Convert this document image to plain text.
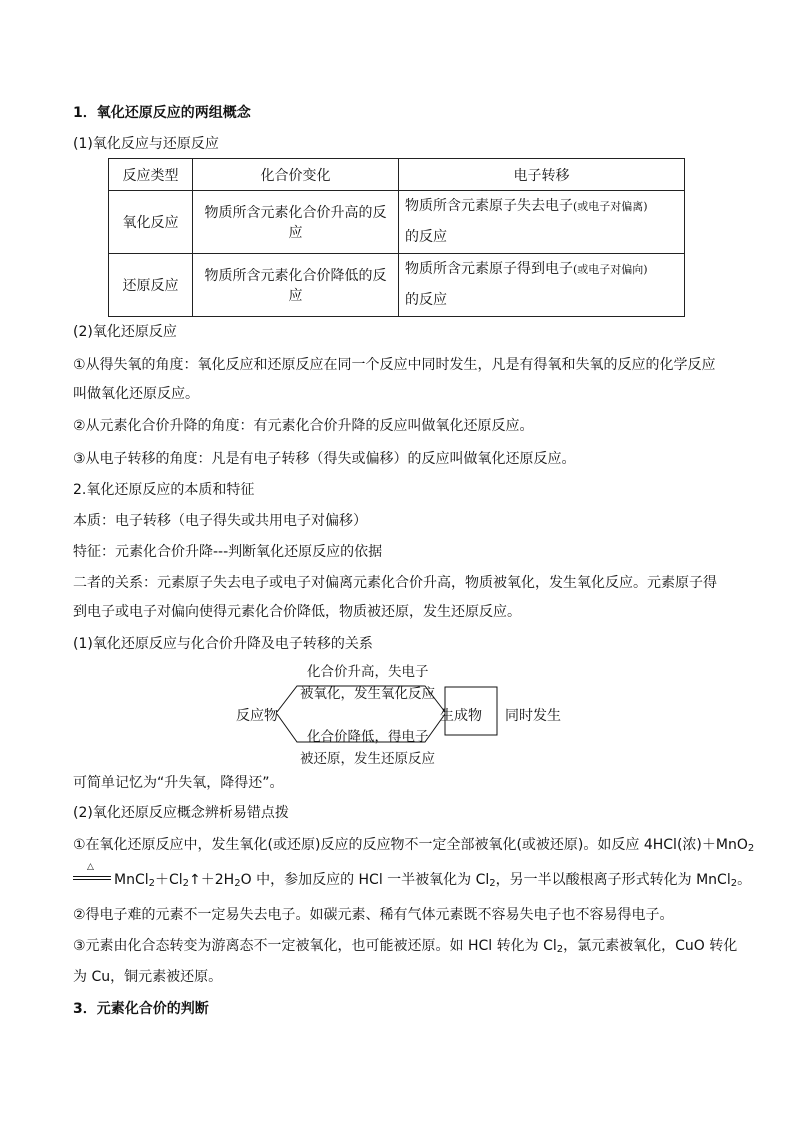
1．氧化还原反应的两组概念
(1)氧化反应与还原反应
反应类型	化合价变化	电子转移
氧化反应	物质所含元素化合价升高的反应	物质所含元素原子失去电子(或电子对偏离)
的反应
还原反应	物质所含元素化合价降低的反应	物质所含元素原子得到电子(或电子对偏向)
的反应
(2)氧化还原反应
①从得失氧的角度：氧化反应和还原反应在同一个反应中同时发生，凡是有得氧和失氧的反应的化学反应
叫做氧化还原反应。
②从元素化合价升降的角度：有元素化合价升降的反应叫做氧化还原反应。
③从电子转移的角度：凡是有电子转移（得失或偏移）的反应叫做氧化还原反应。
2.氧化还原反应的本质和特征
本质：电子转移（电子得失或共用电子对偏移）
特征：元素化合价升降---判断氧化还原反应的依据
二者的关系：元素原子失去电子或电子对偏离元素化合价升高，物质被氧化，发生氧化反应。元素原子得
到电子或电子对偏向使得元素化合价降低，物质被还原，发生还原反应。
(1)氧化还原反应与化合价升降及电子转移的关系
化合价升高，失电子
被氧化，发生氧化反应
反应物	生成物 同时发生
化合价降低，得电子
被还原，发生还原反应
可简单记忆为“升失氧，降得还”。
(2)氧化还原反应概念辨析易错点拨
①在氧化还原反应中，发生氧化(或还原)反应的反应物不一定全部被氧化(或被还原)。如反应 4HCl(浓)＋MnO$_2$
△
$MnCl_2+Cl_2↑+2H_2O$ 中，参加反应的 HCl 一半被氧化为 $Cl_2$，另一半以酸根离子形式转化为 MnCl$_2$。
②得电子难的元素不一定易失去电子。如碳元素、稀有气体元素既不容易失电子也不容易得电子。
③元素由化合态转变为游离态不一定被氧化，也可能被还原。如 HCl 转化为 $Cl_2$，氯元素被氧化，CuO 转化
为 Cu，铜元素被还原。
3．元素化合价的判断
